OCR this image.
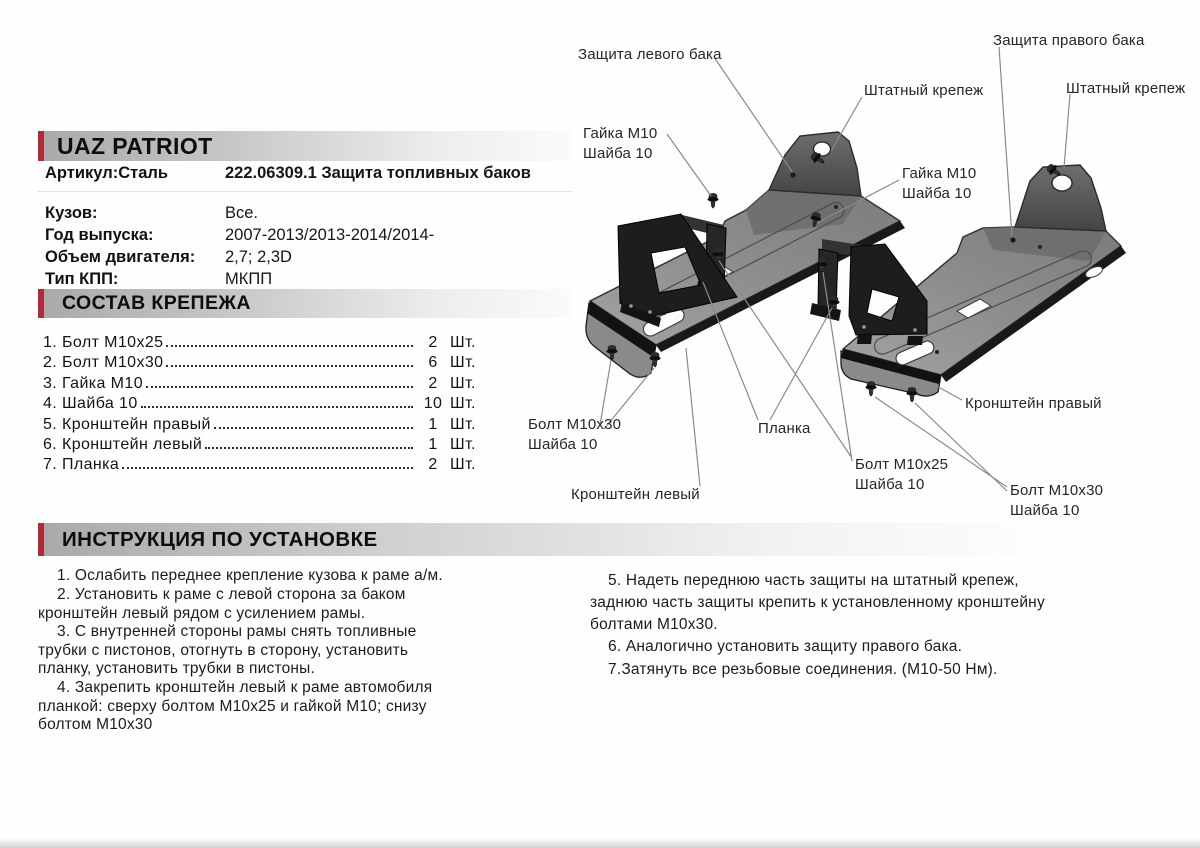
Защита левого бака
Защита правого бака
Штатный крепеж	Штатный крепеж
Гайка М10
Шайба 10
Гайка М10
Шайба 10
Болт М10х30
Шайба 10
Планка
Кронштейн левый
Болт М10х25
Шайба 10
Кронштейн правый
Болт М10х30
Шайба 10
UAZ PATRIOT
Артикул:Сталь	222.06309.1 Защита топливных баков
Кузов:	Все.
Год выпуска:	2007-2013/2013-2014/2014-
Объем двигателя: 2,7; 2,3D
Тип КПП:	МКПП
СОСТАВ КРЕПЕЖА
1. Болт М10х25	2 Шт.
2. Болт М10х30	6 Шт.
3. Гайка М10	2 Шт.
4. Шайба 10	10 Шт.
5. Кронштейн правый	1 Шт.
6. Кронштейн левый	1 Шт.
7. Планка	2 Шт.
ИНСТРУКЦИЯ ПО УСТАНОВКЕ
1. Ослабить переднее крепление кузова к раме а/м.
2. Установить к раме с левой сторона за баком
кронштейн левый рядом с усилением рамы.
3. С внутренней стороны рамы снять топливные
трубки с пистонов, отогнуть в сторону, установить
планку, установить трубки в пистоны.
4. Закрепить кронштейн левый к раме автомобиля
планкой: сверху болтом М10х25 и гайкой М10; снизу
болтом М10х30
5. Надеть переднюю часть защиты на штатный крепеж,
заднюю часть защиты крепить к установленному кронштейну
болтами М10х30.
6. Аналогично установить защиту правого бака.
7.Затянуть все резьбовые соединения. (М10-50 Нм).
